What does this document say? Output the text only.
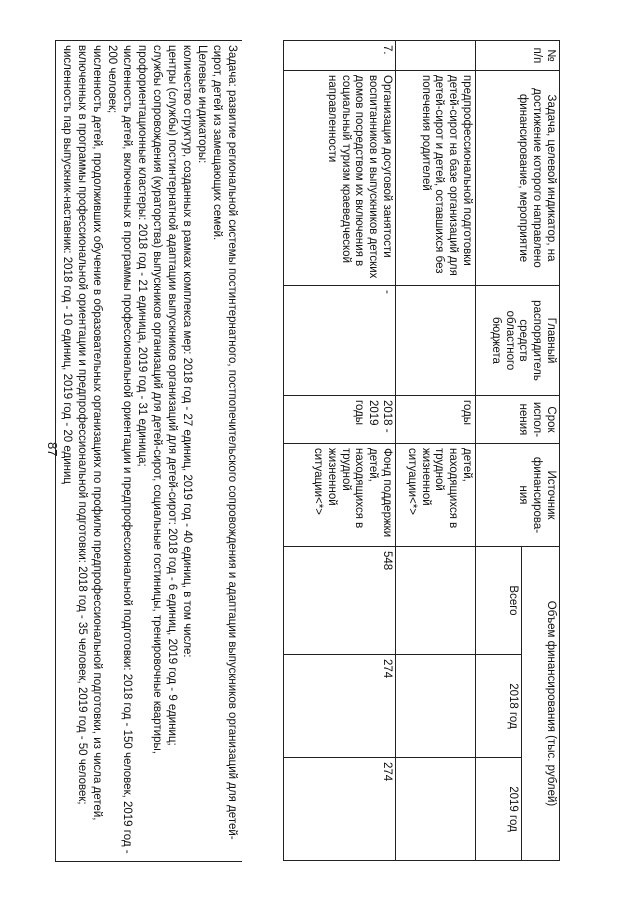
87
№ п/п	Задача, целевой индикатор, на достижение которого направлено финансирование, мероприятие	Главный распорядитель средств областного бюджета	Срок испол-нения	Источник финансирова-ния	Объем финансирования (тыс. рублей)		
					Всего	2018 год	2019 год
	предпрофессиональной подготовки детей-сирот на базе организаций для детей-сирот и детей, оставшихся без попечения родителей		годы	детей, находящихся в трудной жизненной ситуации<*>			
7.	Организация досуговой занятости воспитанников и выпускников детских домов посредством их включения в социальный туризм краеведческой направленности	-	2018 - 2019 годы	Фонд поддержки детей, находящихся в трудной жизненной ситуации<*>	548	274	274

Задача: развитие региональной системы постинтернатного, постпопечительского сопровождения и адаптации выпускников организаций для детей-сирот, детей из замещающих семей.

Целевые индикаторы:

количество структур, созданных в рамках комплекса мер: 2018 год - 27 единиц, 2019 год - 40 единиц, в том числе:

центры (службы) постинтернатной адаптации выпускников организаций для детей-сирот: 2018 год - 6 единиц, 2019 год - 9 единиц;

службы сопровождения (кураторства) выпускников организаций для детей-сирот, социальные гостиницы, тренировочные квартиры, профориентационные кластеры: 2018 год - 21 единица, 2019 год - 31 единица;

численность детей, включенных в программы профессиональной ориентации и предпрофессиональной подготовки: 2018 год - 150 человек, 2019 год - 200 человек;

численность детей, продолживших обучение в образовательных организациях по профилю предпрофессиональной подготовки, из числа детей, включенных в программы профессиональной ориентации и предпрофессиональной подготовки: 2018 год - 35 человек, 2019 год - 50 человек;

численность пар выпускник-наставник: 2018 год - 10 единиц, 2019 год - 20 единиц
